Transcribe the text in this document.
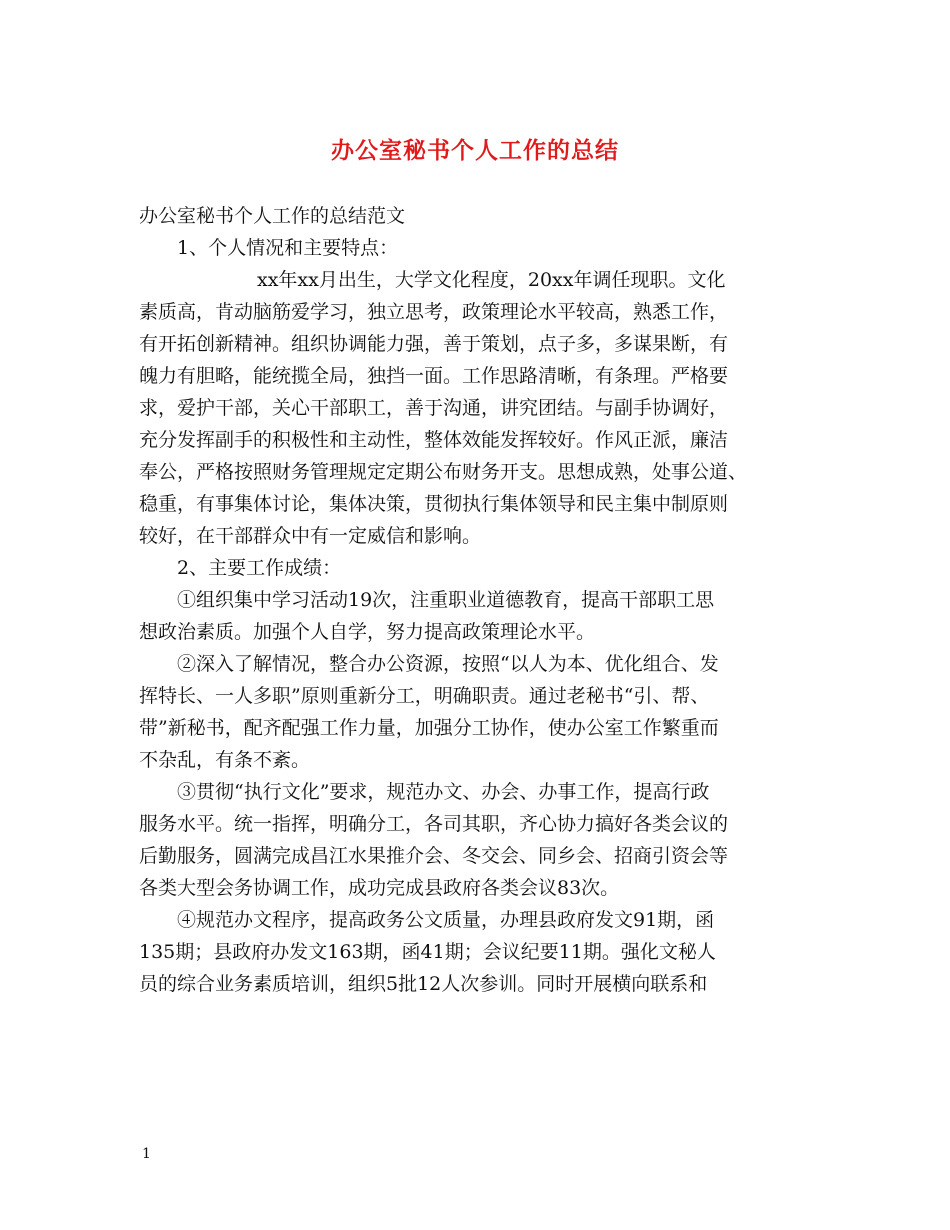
办公室秘书个人工作的总结
办公室秘书个人工作的总结范文
1、个人情况和主要特点：
xx年xx月出生，大学文化程度，20xx年调任现职。文化
素质高，肯动脑筋爱学习，独立思考，政策理论水平较高，熟悉工作，
有开拓创新精神。组织协调能力强，善于策划，点子多，多谋果断，有
魄力有胆略，能统揽全局，独挡一面。工作思路清晰，有条理。严格要
求，爱护干部，关心干部职工，善于沟通，讲究团结。与副手协调好，
充分发挥副手的积极性和主动性，整体效能发挥较好。作风正派，廉洁
奉公，严格按照财务管理规定定期公布财务开支。思想成熟，处事公道、
稳重，有事集体讨论，集体决策，贯彻执行集体领导和民主集中制原则
较好，在干部群众中有一定威信和影响。
2、主要工作成绩：
①组织集中学习活动19次，注重职业道德教育，提高干部职工思
想政治素质。加强个人自学，努力提高政策理论水平。
②深入了解情况，整合办公资源，按照“以人为本、优化组合、发
挥特长、一人多职”原则重新分工，明确职责。通过老秘书“引、帮、
带”新秘书，配齐配强工作力量，加强分工协作，使办公室工作繁重而
不杂乱，有条不紊。
③贯彻“执行文化”要求，规范办文、办会、办事工作，提高行政
服务水平。统一指挥，明确分工，各司其职，齐心协力搞好各类会议的
后勤服务，圆满完成昌江水果推介会、冬交会、同乡会、招商引资会等
各类大型会务协调工作，成功完成县政府各类会议83次。
④规范办文程序，提高政务公文质量，办理县政府发文91期，函
135期；县政府办发文163期，函41期；会议纪要11期。强化文秘人
员的综合业务素质培训，组织5批12人次参训。同时开展横向联系和
1
